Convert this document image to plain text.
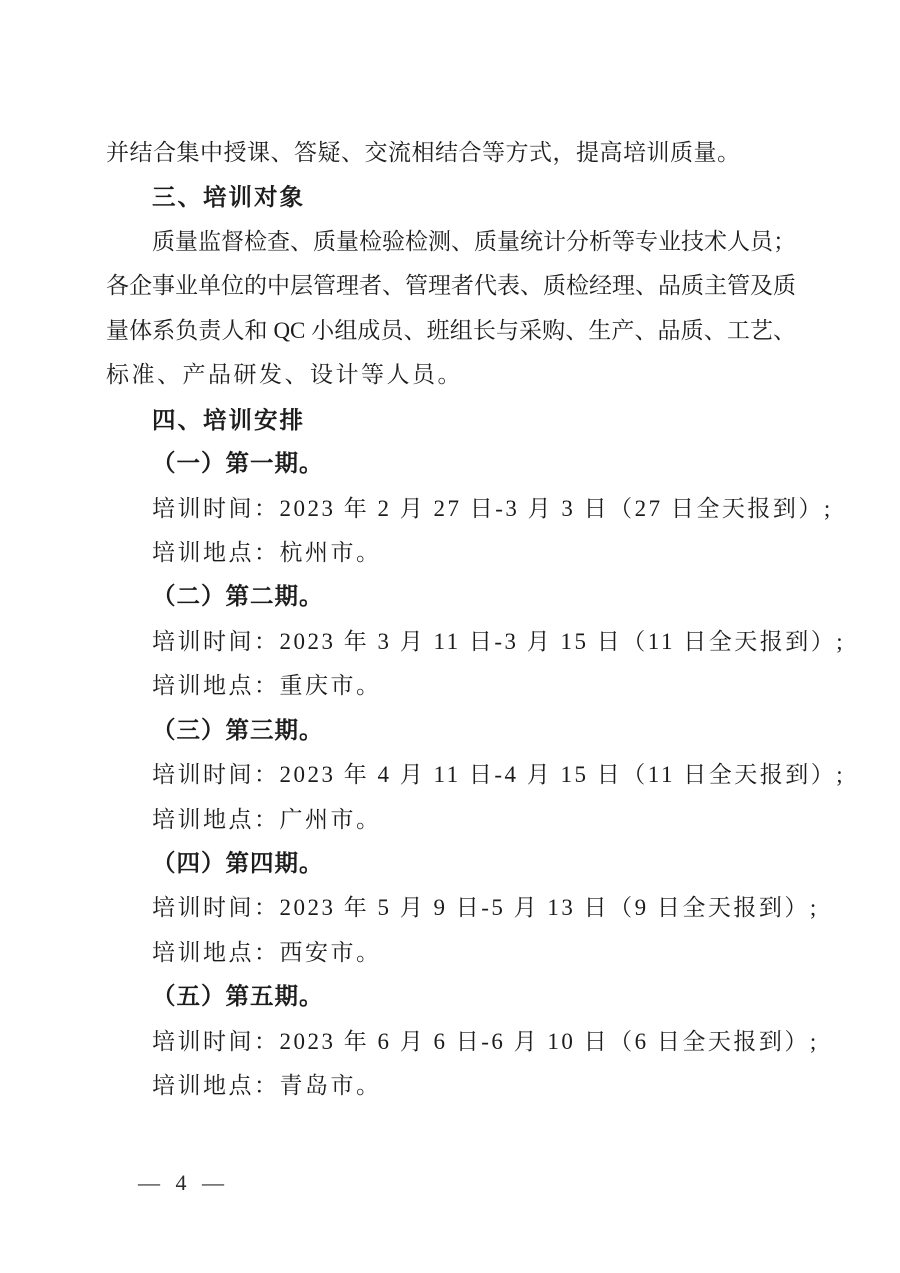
并结合集中授课、答疑、交流相结合等方式，提高培训质量。
三、培训对象
质量监督检查、质量检验检测、质量统计分析等专业技术人员；
各企事业单位的中层管理者、管理者代表、质检经理、品质主管及质
量体系负责人和 QC 小组成员、班组长与采购、生产、品质、工艺、
标准、产品研发、设计等人员。
四、培训安排
（一）第一期。
培训时间：2023 年 2 月 27 日-3 月 3 日（27 日全天报到）;
培训地点：杭州市。
（二）第二期。
培训时间：2023 年 3 月 11 日-3 月 15 日（11 日全天报到）;
培训地点：重庆市。
（三）第三期。
培训时间：2023 年 4 月 11 日-4 月 15 日（11 日全天报到）;
培训地点：广州市。
（四）第四期。
培训时间：2023 年 5 月 9 日-5 月 13 日（9 日全天报到）;
培训地点：西安市。
（五）第五期。
培训时间：2023 年 6 月 6 日-6 月 10 日（6 日全天报到）;
培训地点：青岛市。
— 4 —
